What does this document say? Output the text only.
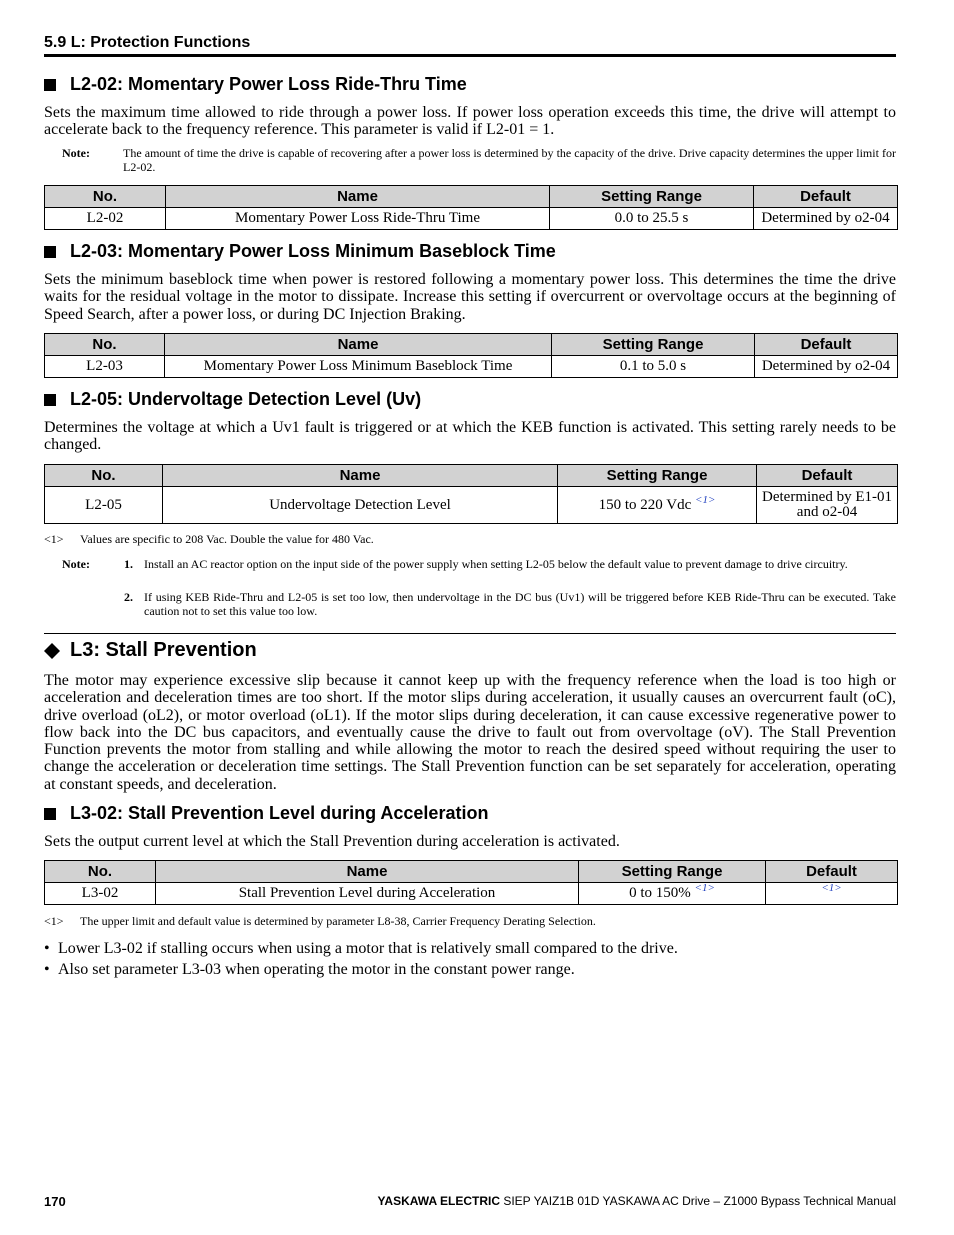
5.9 L: Protection Functions
L2-02: Momentary Power Loss Ride-Thru Time
Sets the maximum time allowed to ride through a power loss. If power loss operation exceeds this time, the drive will attempt to accelerate back to the frequency reference. This parameter is valid if L2-01 = 1.
Note:	The amount of time the drive is capable of recovering after a power loss is determined by the capacity of the drive. Drive capacity determines the upper limit for L2-02.
No.	Name	Setting Range	Default
L2-02	Momentary Power Loss Ride-Thru Time	0.0 to 25.5 s	Determined by o2-04
L2-03: Momentary Power Loss Minimum Baseblock Time
Sets the minimum baseblock time when power is restored following a momentary power loss. This determines the time the drive waits for the residual voltage in the motor to dissipate. Increase this setting if overcurrent or overvoltage occurs at the beginning of Speed Search, after a power loss, or during DC Injection Braking.
No.	Name	Setting Range	Default
L2-03	Momentary Power Loss Minimum Baseblock Time	0.1 to 5.0 s	Determined by o2-04
L2-05: Undervoltage Detection Level (Uv)
Determines the voltage at which a Uv1 fault is triggered or at which the KEB function is activated. This setting rarely needs to be changed.
No.	Name	Setting Range	Default
L2-05	Undervoltage Detection Level	150 to 220 Vdc $^{<1>}$	Determined by E1-01
and o2-04
<1> Values are specific to 208 Vac. Double the value for 480 Vac.
Note:	1. Install an AC reactor option on the input side of the power supply when setting L2-05 below the default value to prevent damage to drive circuitry.
2. If using KEB Ride-Thru and L2-05 is set too low, then undervoltage in the DC bus (Uv1) will be triggered before KEB Ride-Thru can be executed. Take caution not to set this value too low.
L3: Stall Prevention
The motor may experience excessive slip because it cannot keep up with the frequency reference when the load is too high or acceleration and deceleration times are too short. If the motor slips during acceleration, it usually causes an overcurrent fault (oC), drive overload (oL2), or motor overload (oL1). If the motor slips during deceleration, it can cause excessive regenerative power to flow back into the DC bus capacitors, and eventually cause the drive to fault out from overvoltage (oV). The Stall Prevention Function prevents the motor from stalling and while allowing the motor to reach the desired speed without requiring the user to change the acceleration or deceleration time settings. The Stall Prevention function can be set separately for acceleration, operating at constant speeds, and deceleration.
L3-02: Stall Prevention Level during Acceleration
Sets the output current level at which the Stall Prevention during acceleration is activated.
No.	Name	Setting Range	Default
L3-02	Stall Prevention Level during Acceleration	0 to 150% $^{<1>}$	$^{<1>}$
<1> The upper limit and default value is determined by parameter L8-38, Carrier Frequency Derating Selection.
• Lower L3-02 if stalling occurs when using a motor that is relatively small compared to the drive.
• Also set parameter L3-03 when operating the motor in the constant power range.
170	YASKAWA ELECTRIC SIEP YAIZ1B 01D YASKAWA AC Drive – Z1000 Bypass Technical Manual
